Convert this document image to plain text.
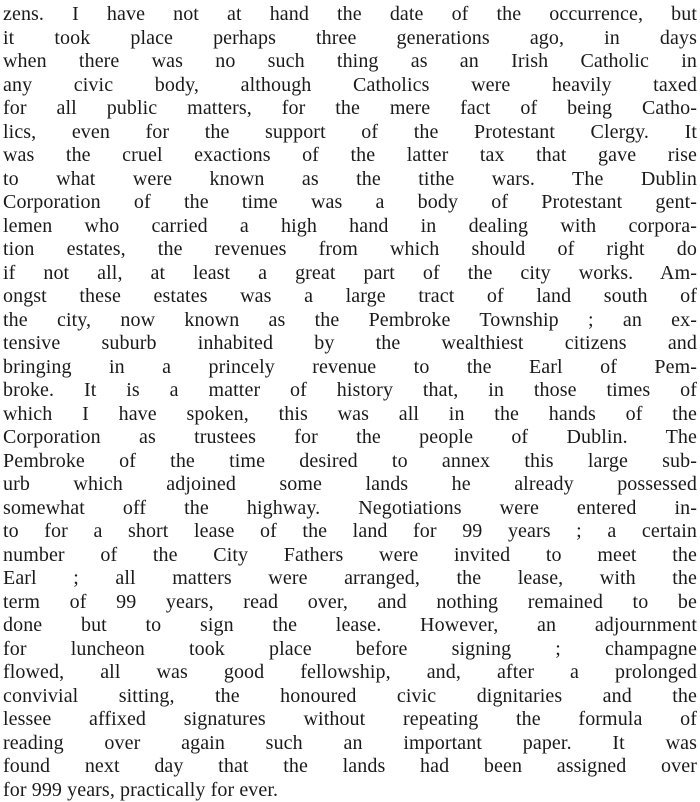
zens. I have not at hand the date of the occurrence, but
it took place perhaps three generations ago, in days
when there was no such thing as an Irish Catholic in
any civic body, although Catholics were heavily taxed
for all public matters, for the mere fact of being Catho-
lics, even for the support of the Protestant Clergy. It
was the cruel exactions of the latter tax that gave rise
to what were known as the tithe wars. The Dublin
Corporation of the time was a body of Protestant gent-
lemen who carried a high hand in dealing with corpora-
tion estates, the revenues from which should of right do
if not all, at least a great part of the city works. Am-
ongst these estates was a large tract of land south of
the city, now known as the Pembroke Township ; an ex-
tensive suburb inhabited by the wealthiest citizens and
bringing in a princely revenue to the Earl of Pem-
broke. It is a matter of history that, in those times of
which I have spoken, this was all in the hands of the
Corporation as trustees for the people of Dublin. The
Pembroke of the time desired to annex this large sub-
urb which adjoined some lands he already possessed
somewhat off the highway. Negotiations were entered in-
to for a short lease of the land for 99 years ; a certain
number of the City Fathers were invited to meet the
Earl ; all matters were arranged, the lease, with the
term of 99 years, read over, and nothing remained to be
done but to sign the lease. However, an adjournment
for luncheon took place before signing ; champagne
flowed, all was good fellowship, and, after a prolonged
convivial sitting, the honoured civic dignitaries and the
lessee affixed signatures without repeating the formula of
reading over again such an important paper. It was
found next day that the lands had been assigned over
for 999 years, practically for ever.
